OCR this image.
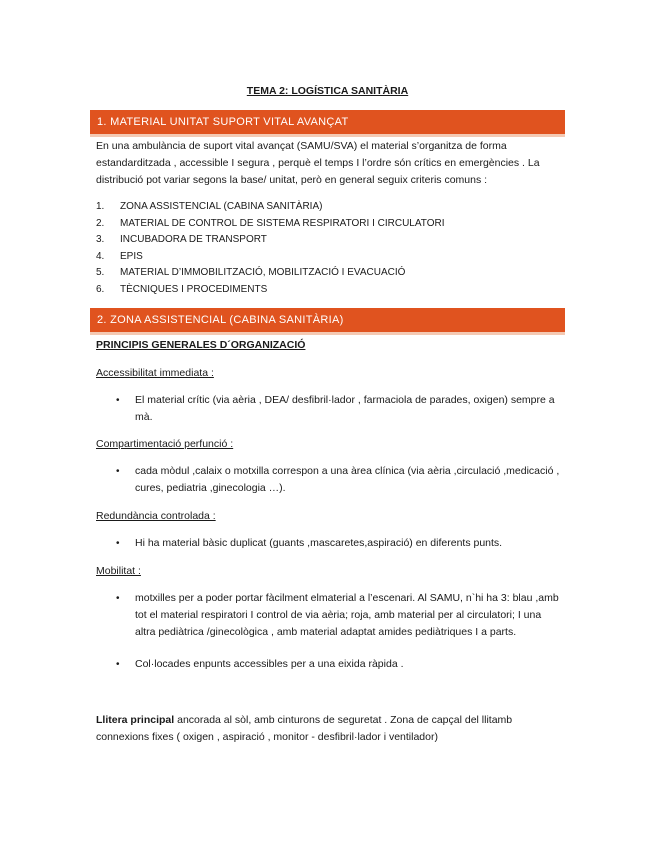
TEMA 2: LOGÍSTICA SANITÀRIA
1. MATERIAL UNITAT SUPORT VITAL AVANÇAT

En una ambulància de suport vital avançat (SAMU/SVA) el material s’organitza de forma estandarditzada , accessible I segura , perquè el temps I l’ordre són crítics en emergències . La distribució pot variar segons la base/ unitat, però en general seguix criteris comuns :

1. ZONA ASSISTENCIAL (CABINA SANITÀRIA)
2. MATERIAL DE CONTROL DE SISTEMA RESPIRATORI I CIRCULATORI
3. INCUBADORA DE TRANSPORT
4. EPIS
5. MATERIAL D’IMMOBILITZACIÓ, MOBILITZACIÓ I EVACUACIÓ
6. TÈCNIQUES I PROCEDIMENTS
2. ZONA ASSISTENCIAL (CABINA SANITÀRIA)

PRINCIPIS GENERALES D´ORGANIZACIÓ

Accessibilitat immediata :

• El material crític (via aèria , DEA/ desfibril·lador , farmaciola de parades, oxigen) sempre a mà.

Compartimentació perfunció :

• cada mòdul ,calaix o motxilla correspon a una àrea clínica (via aèria ,circulació ,medicació , cures, pediatria ,ginecologia …).

Redundància controlada :

• Hi ha material bàsic duplicat (guants ,mascaretes,aspiració) en diferents punts.

Mobilitat :

• motxilles per a poder portar fàcilment elmaterial a l’escenari. Al SAMU, n`hi ha 3: blau ,amb tot el material respiratori I control de via aèria; roja, amb material per al circulatori; I una altra pediàtrica /ginecològica , amb material adaptat amides pediàtriques I a parts.
• Col·locades enpunts accessibles per a una eixida ràpida .

Llitera principal ancorada al sòl, amb cinturons de seguretat . Zona de capçal del llitamb connexions fixes ( oxigen , aspiració , monitor - desfibril·lador i ventilador)
